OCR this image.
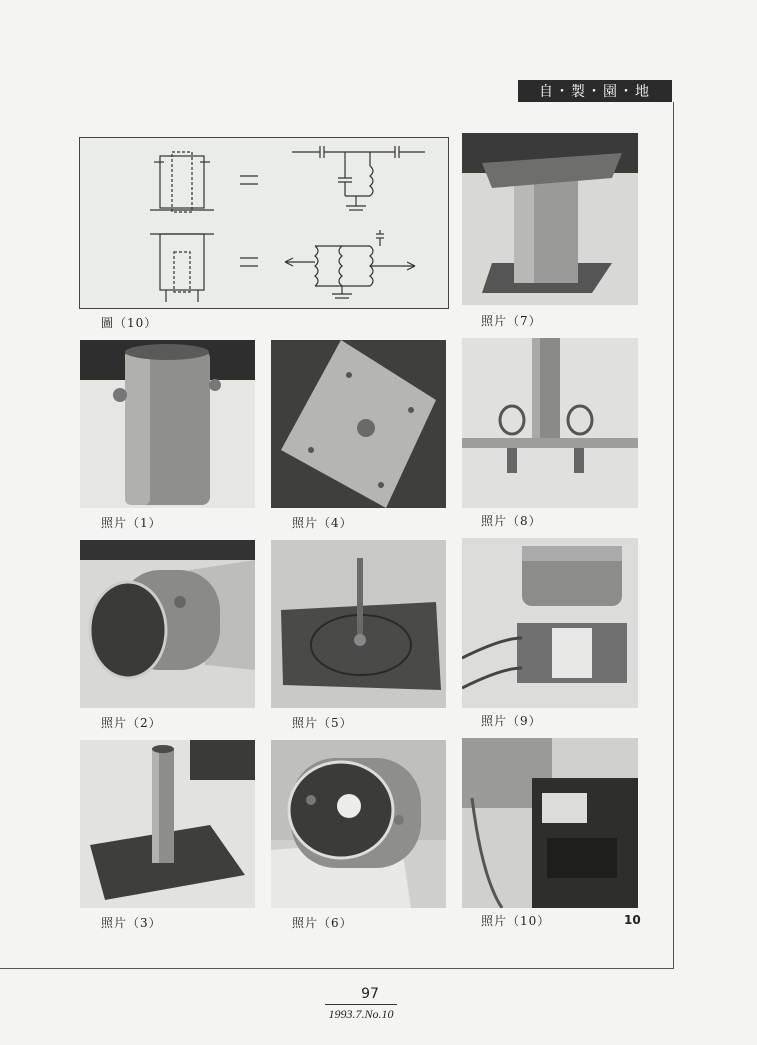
自・製・園・地
圖（10）	照片（7）
照片（1）	照片（4）	照片（8）
照片（2）	照片（5）	照片（9）
照片（3）	照片（6）	照片（10）	10
97
1993.7.No.10
